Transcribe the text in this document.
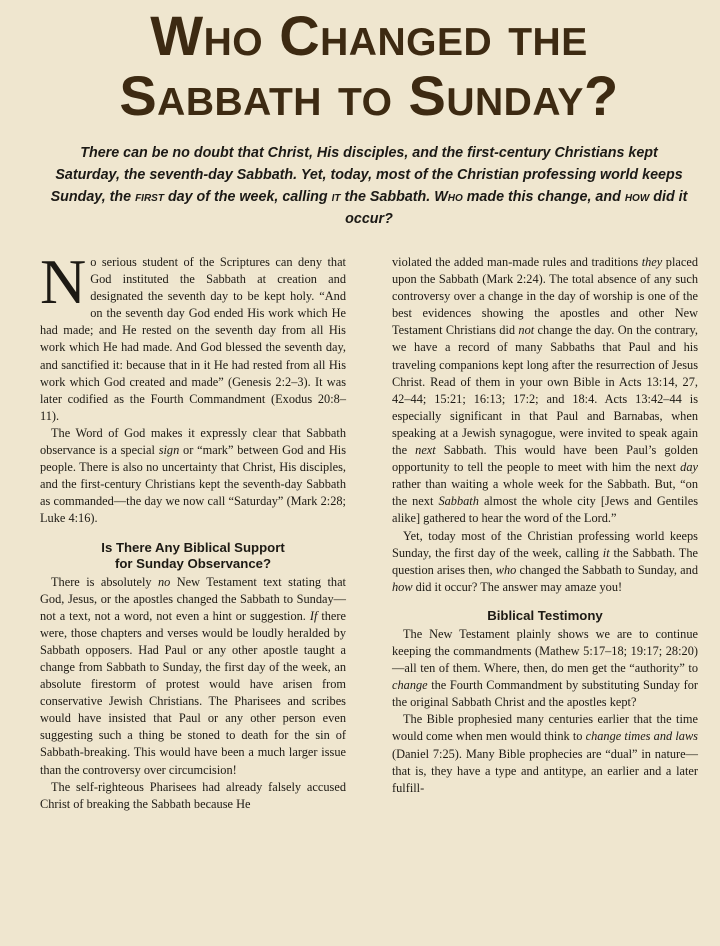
Who Changed the
Sabbath to Sunday?

There can be no doubt that Christ, His disciples, and the first-century Christians kept Saturday, the seventh-day Sabbath. Yet, today, most of the Christian professing world keeps Sunday, the first day of the week, calling it the Sabbath. Who made this change, and how did it occur?

No serious student of the Scriptures can deny that God instituted the Sabbath at creation and designated the seventh day to be kept holy. “And on the seventh day God ended His work which He had made; and He rested on the seventh day from all His work which He had made. And God blessed the seventh day, and sanctified it: because that in it He had rested from all His work which God created and made” (Genesis 2:2–3). It was later codified as the Fourth Commandment (Exodus 20:8–11).

The Word of God makes it expressly clear that Sabbath observance is a special sign or “mark” between God and His people. There is also no uncertainty that Christ, His disciples, and the first-century Christians kept the seventh-day Sabbath as commanded—the day we now call “Saturday” (Mark 2:28; Luke 4:16).

Is There Any Biblical Support
for Sunday Observance?

There is absolutely no New Testament text stating that God, Jesus, or the apostles changed the Sabbath to Sunday—not a text, not a word, not even a hint or suggestion. If there were, those chapters and verses would be loudly heralded by Sabbath opposers. Had Paul or any other apostle taught a change from Sabbath to Sunday, the first day of the week, an absolute firestorm of protest would have arisen from conservative Jewish Christians. The Pharisees and scribes would have insisted that Paul or any other person even suggesting such a thing be stoned to death for the sin of Sabbath-breaking. This would have been a much larger issue than the controversy over circumcision!

The self-righteous Pharisees had already falsely accused Christ of breaking the Sabbath because He

violated the added man-made rules and traditions they placed upon the Sabbath (Mark 2:24). The total absence of any such controversy over a change in the day of worship is one of the best evidences showing the apostles and other New Testament Christians did not change the day. On the contrary, we have a record of many Sabbaths that Paul and his traveling companions kept long after the resurrection of Jesus Christ. Read of them in your own Bible in Acts 13:14, 27, 42–44; 15:21; 16:13; 17:2; and 18:4. Acts 13:42–44 is especially significant in that Paul and Barnabas, when speaking at a Jewish synagogue, were invited to speak again the next Sabbath. This would have been Paul’s golden opportunity to tell the people to meet with him the next day rather than waiting a whole week for the Sabbath. But, “on the next Sabbath almost the whole city [Jews and Gentiles alike] gathered to hear the word of the Lord.”

Yet, today most of the Christian professing world keeps Sunday, the first day of the week, calling it the Sabbath. The question arises then, who changed the Sabbath to Sunday, and how did it occur? The answer may amaze you!

Biblical Testimony

The New Testament plainly shows we are to continue keeping the commandments (Mathew 5:17–18; 19:17; 28:20)—all ten of them. Where, then, do men get the “authority” to change the Fourth Commandment by substituting Sunday for the original Sabbath Christ and the apostles kept?

The Bible prophesied many centuries earlier that the time would come when men would think to change times and laws (Daniel 7:25). Many Bible prophecies are “dual” in nature—that is, they have a type and antitype, an earlier and a later fulfill-
